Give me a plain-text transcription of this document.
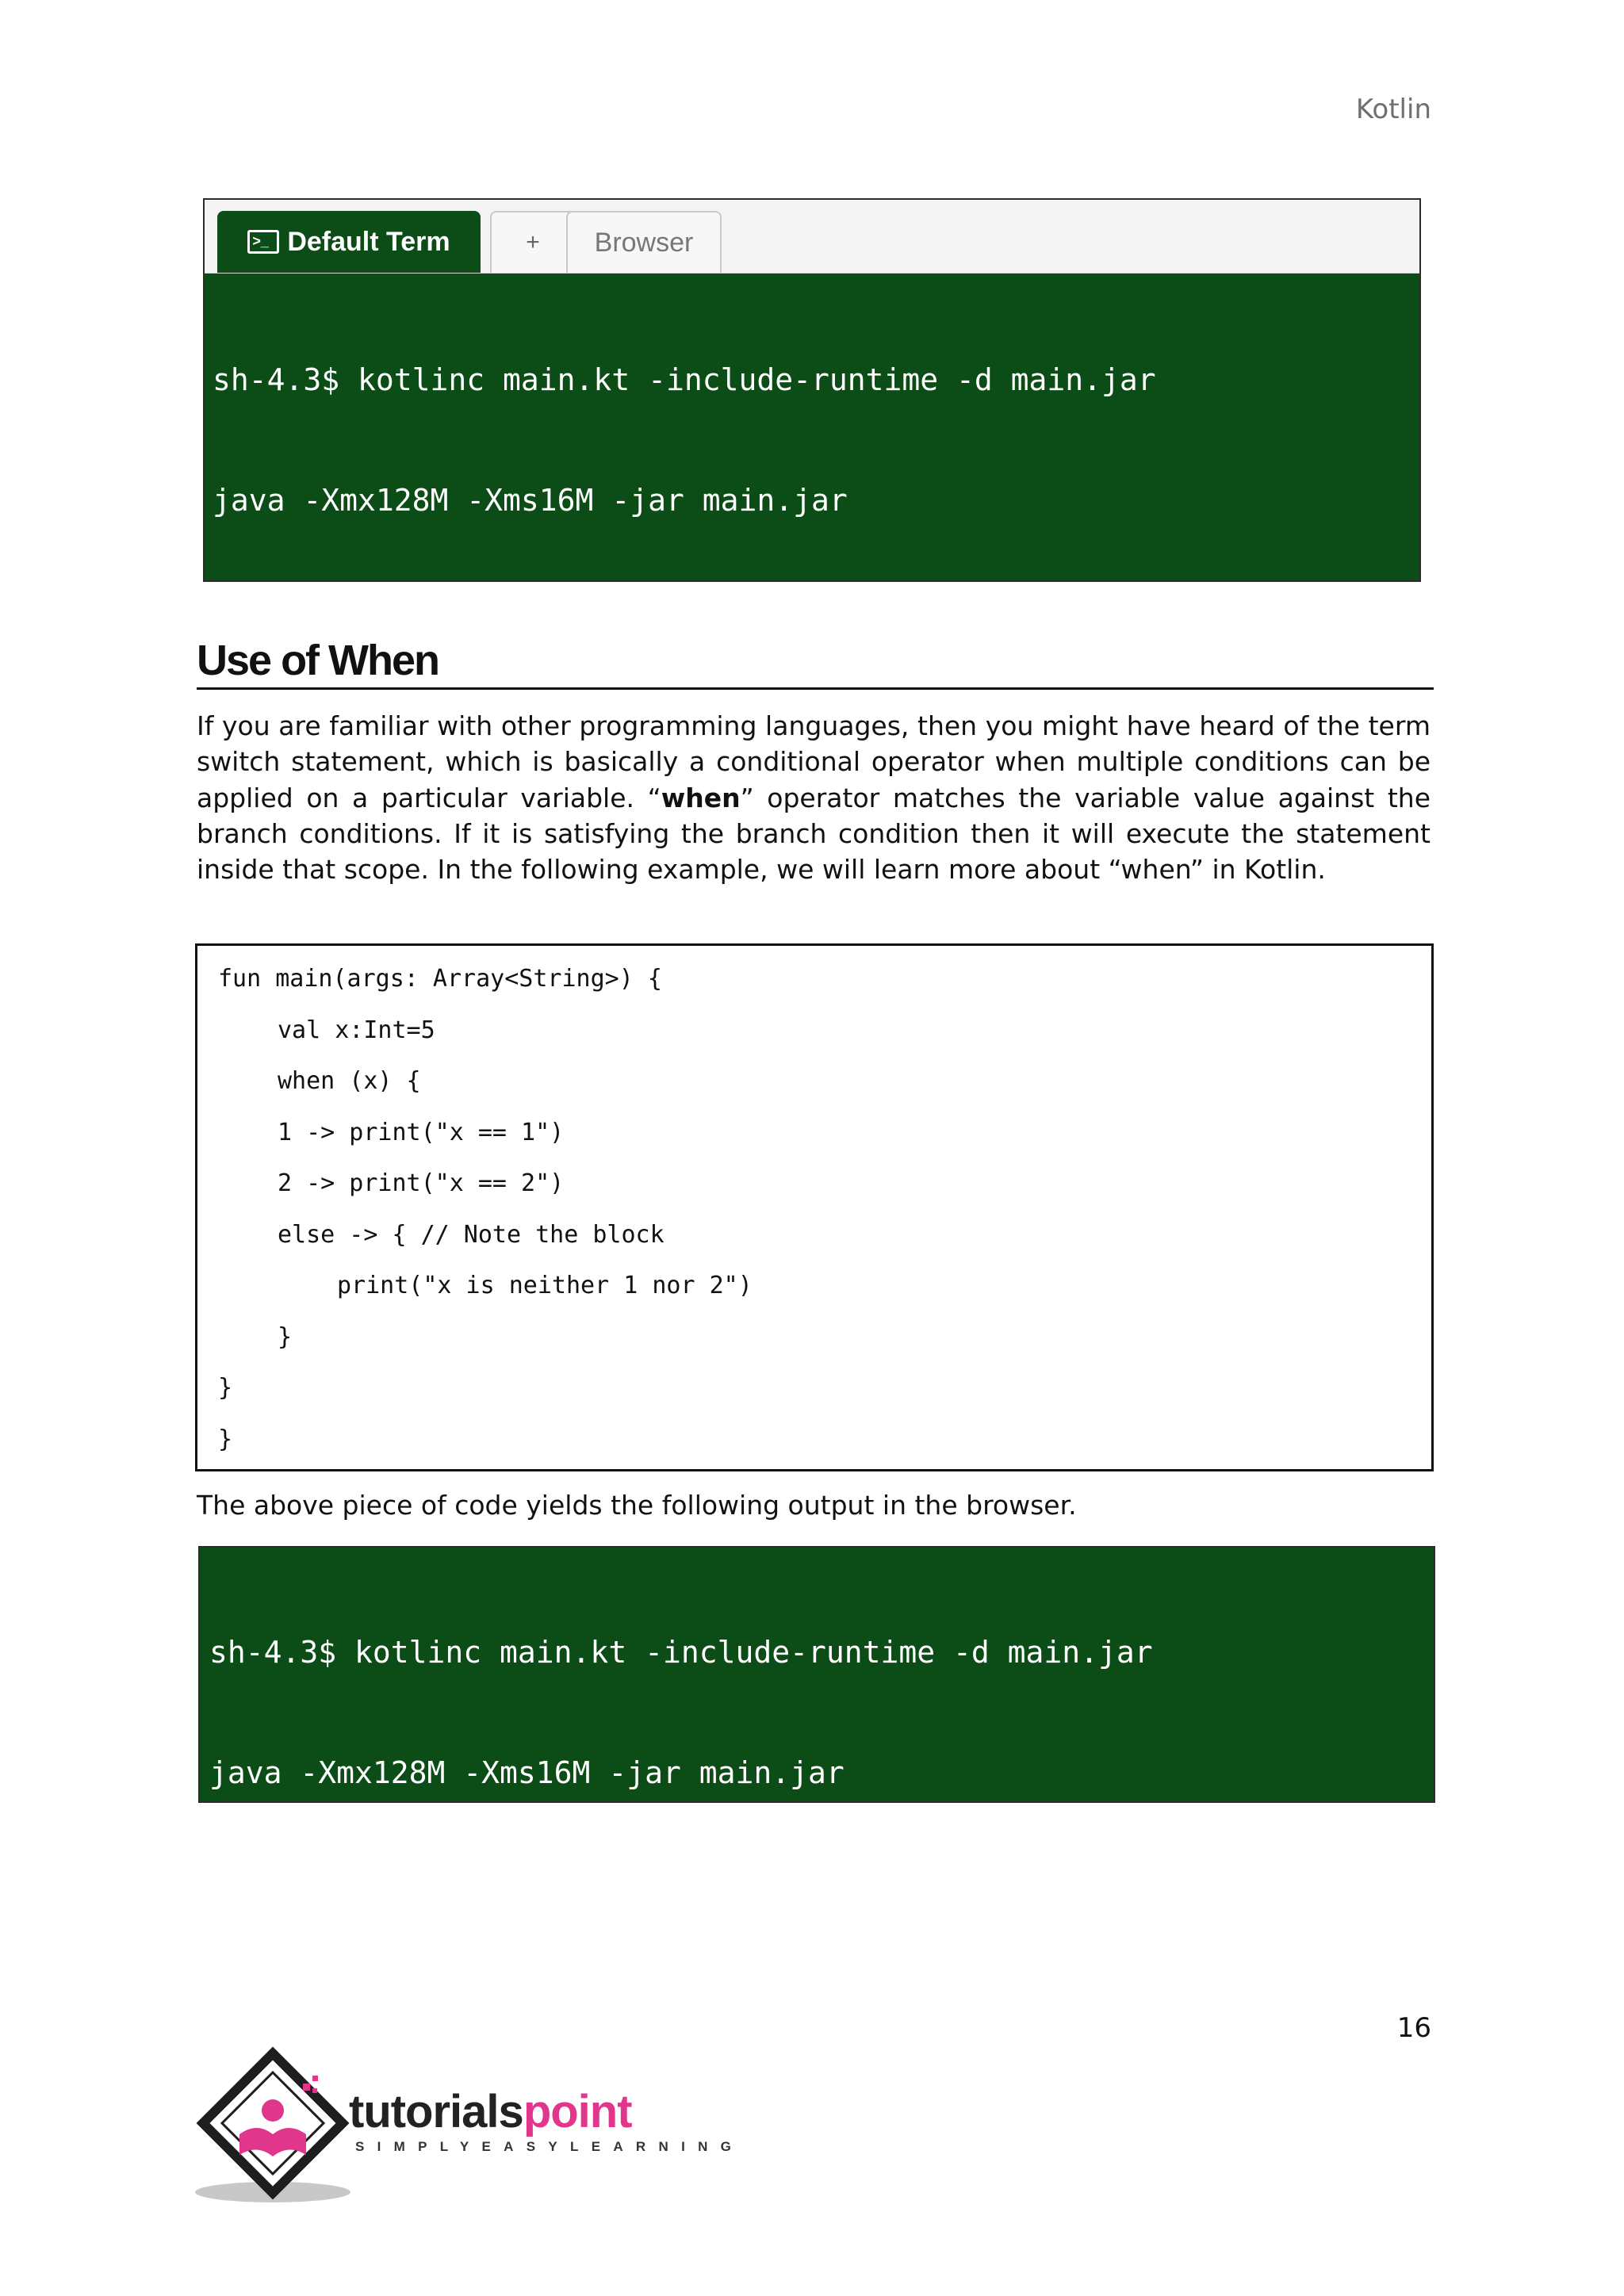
Kotlin
>_ Default Term	+ Browser

sh-4.3$ kotlinc main.kt -include-runtime -d main.jar

java -Xmx128M -Xms16M -jar main.jar

Use of When
If you are familiar with other programming languages, then you might have heard of the term switch statement, which is basically a conditional operator when multiple conditions can be applied on a particular variable. “when” operator matches the variable value against the branch conditions. If it is satisfying the branch condition then it will execute the statement inside that scope. In the following example, we will learn more about “when” in Kotlin.
fun main(args: Array<String>) {
val x:Int=5
when (x) {
1 -> print("x == 1")
2 -> print("x == 2")
else -> { // Note the block
print("x is neither 1 nor 2")
}
}
}
The above piece of code yields the following output in the browser.

sh-4.3$ kotlinc main.kt -include-runtime -d main.jar

java -Xmx128M -Xms16M -jar main.jar

16
tutorialspoint
SIMPLYEASYLEARNING
